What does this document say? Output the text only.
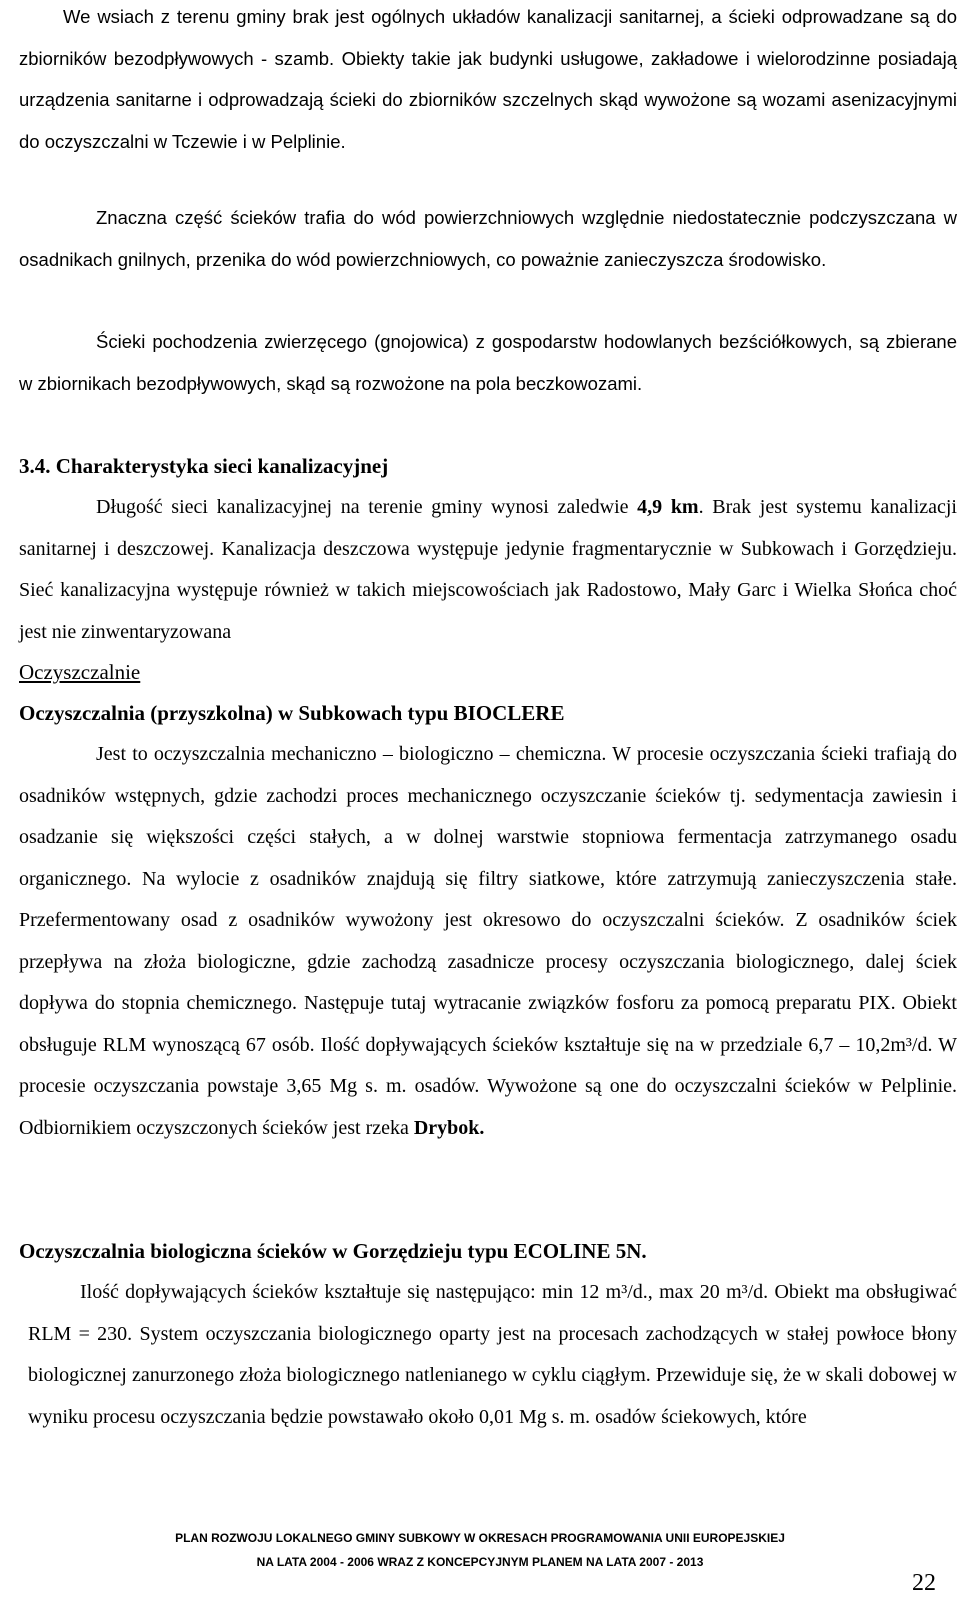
We wsiach z terenu gminy brak jest ogólnych układów kanalizacji sanitarnej, a ścieki odprowadzane są do zbiorników bezodpływowych - szamb. Obiekty takie jak budynki usługowe, zakładowe i wielorodzinne posiadają urządzenia sanitarne i odprowadzają ścieki do zbiorników szczelnych skąd wywożone są wozami asenizacyjnymi do oczyszczalni w Tczewie i w Pelplinie.

Znaczna część ścieków trafia do wód powierzchniowych względnie niedostatecznie podczyszczana w osadnikach gnilnych, przenika do wód powierzchniowych, co poważnie zanieczyszcza środowisko.

Ścieki pochodzenia zwierzęcego (gnojowica) z gospodarstw hodowlanych bezściółkowych, są zbierane w zbiornikach bezodpływowych, skąd są rozwożone na pola beczkowozami.

3.4. Charakterystyka sieci kanalizacyjnej

Długość sieci kanalizacyjnej na terenie gminy wynosi zaledwie 4,9 km. Brak jest systemu kanalizacji sanitarnej i deszczowej. Kanalizacja deszczowa występuje jedynie fragmentarycznie w Subkowach i Gorzędzieju. Sieć kanalizacyjna występuje również w takich miejscowościach jak Radostowo, Mały Garc i Wielka Słońca choć jest nie zinwentaryzowana

Oczyszczalnie
Oczyszczalnia (przyszkolna) w Subkowach typu BIOCLERE

Jest to oczyszczalnia mechaniczno – biologiczno – chemiczna. W procesie oczyszczania ścieki trafiają do osadników wstępnych, gdzie zachodzi proces mechanicznego oczyszczanie ścieków tj. sedymentacja zawiesin i osadzanie się większości części stałych, a w dolnej warstwie stopniowa fermentacja zatrzymanego osadu organicznego. Na wylocie z osadników znajdują się filtry siatkowe, które zatrzymują zanieczyszczenia stałe. Przefermentowany osad z osadników wywożony jest okresowo do oczyszczalni ścieków. Z osadników ściek przepływa na złoża biologiczne, gdzie zachodzą zasadnicze procesy oczyszczania biologicznego, dalej ściek dopływa do stopnia chemicznego. Następuje tutaj wytracanie związków fosforu za pomocą preparatu PIX. Obiekt obsługuje RLM wynoszącą 67 osób. Ilość dopływających ścieków kształtuje się na w przedziale 6,7 – 10,2m³/d. W procesie oczyszczania powstaje 3,65 Mg s. m. osadów. Wywożone są one do oczyszczalni ścieków w Pelplinie. Odbiornikiem oczyszczonych ścieków jest rzeka Drybok.

Oczyszczalnia biologiczna ścieków w Gorzędzieju typu ECOLINE 5N.

Ilość dopływających ścieków kształtuje się następująco: min 12 m³/d., max 20 m³/d. Obiekt ma obsługiwać RLM = 230. System oczyszczania biologicznego oparty jest na procesach zachodzących w stałej powłoce błony biologicznej zanurzonego złoża biologicznego natlenianego w cyklu ciągłym. Przewiduje się, że w skali dobowej w wyniku procesu oczyszczania będzie powstawało około 0,01 Mg s. m. osadów ściekowych, które

PLAN ROZWOJU LOKALNEGO GMINY SUBKOWY W OKRESACH PROGRAMOWANIA UNII EUROPEJSKIEJ

NA LATA 2004 - 2006 WRAZ Z KONCEPCYJNYM PLANEM NA LATA 2007 - 2013

22
